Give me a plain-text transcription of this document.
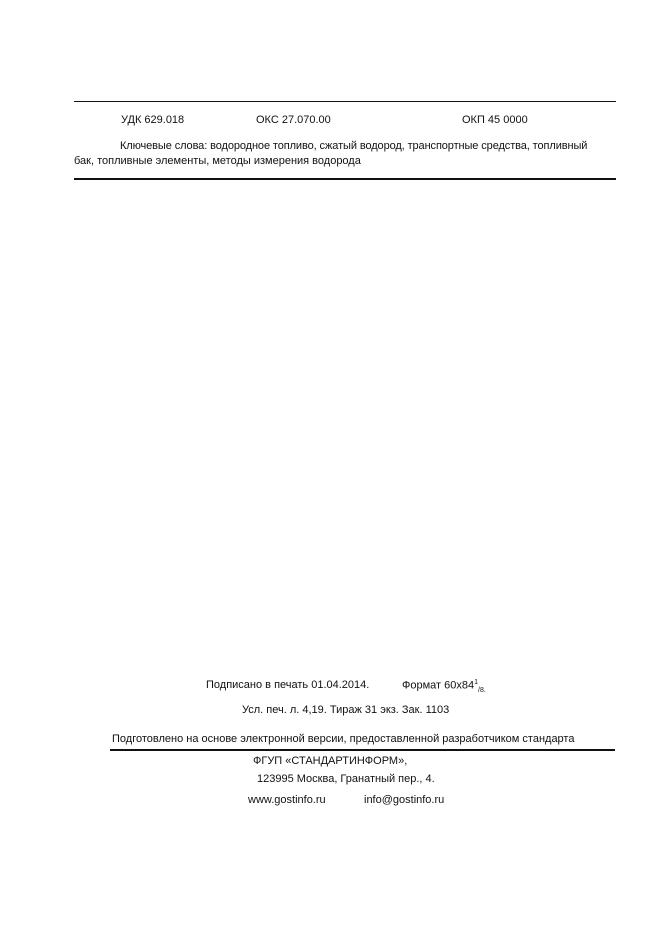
УДК 629.018	ОКС 27.070.00	ОКП 45 0000
Ключевые слова: водородное топливо, сжатый водород, транспортные средства, топливный
бак, топливные элементы, методы измерения водорода
Подписано в печать 01.04.2014.	Формат $60x84^1_{/8.}$
Усл. печ. л. 4,19. Тираж 31 экз. Зак. 1103
Подготовлено на основе электронной версии, предоставленной разработчиком стандарта
ФГУП «СТАНДАРТИНФОРМ»,
123995 Москва, Гранатный пер., 4.
www.gostinfo.ru	info@gostinfo.ru
